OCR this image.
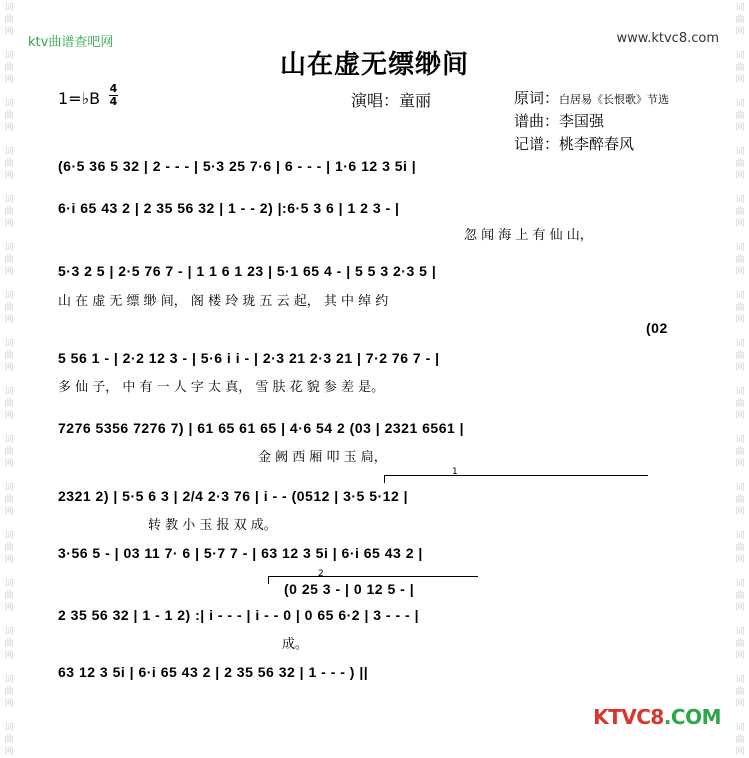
词曲网
词曲网
词曲网
词曲网
词曲网
词曲网
词曲网
词曲网
词曲网
词曲网
词曲网
词曲网
词曲网
词曲网
词曲网
词曲网
词曲网
词曲网
词曲网
词曲网
词曲网
词曲网
词曲网
词曲网
词曲网
词曲网
词曲网
词曲网
词曲网
词曲网
词曲网
词曲网
ktv曲谱查吧网	www.ktvc8.com
山在虚无缥缈间
1=♭B
4
4	演唱：童丽	原词：白居易《长恨歌》节选
谱曲：李国强
记谱：桃李醉春风
(6·5 36 5 32 | 2 - - - | 5·3 25 7·6 | 6 - - - | 1·6 12 3 5i |
6·i 65 43 2 | 2 35 56 32 | 1 - - 2) |:6·5 3 6 | 1 2 3 - |
忽 闻 海 上 有 仙 山，
5·3 2 5 | 2·5 76 7 - | 1 1 6 1 23 | 5·1 65 4 - | 5 5 3 2·3 5 |
山 在 虚 无 缥 缈 间， 阁 楼 玲 珑 五 云 起， 其 中 绰 约
(02
5 56 1 - | 2·2 12 3 - | 5·6 i i - | 2·3 21 2·3 21 | 7·2 76 7 - |
多 仙 子， 中 有 一 人 字 太 真， 雪 肤 花 貌 参 差 是。
7276 5356 7276 7) | 61 65 61 65 | 4·6 54 2 (03 | 2321 6561 |
金 阙 西 厢 叩 玉 扃，
1
2321 2) | 5·5 6 3 | 2/4 2·3 76 | i - - (0512 | 3·5 5·12 |
转 教 小 玉 报 双 成。
3·56 5 - | 03 11 7· 6 | 5·7 7 - | 63 12 3 5i | 6·i 65 43 2 |
2
(0 25 3 - | 0 12 5 - |
2 35 56 32 | 1 - 1 2) :| i - - - | i - - 0 | 0 65 6·2 | 3 - - - |
成。
63 12 3 5i | 6·i 65 43 2 | 2 35 56 32 | 1 - - - ) ||
KTVC8.COM
